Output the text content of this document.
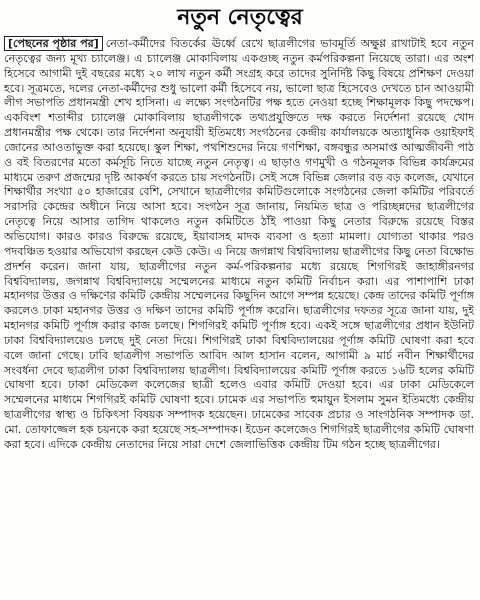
নতুন নেতৃত্বের

[পেছনের পৃষ্ঠার পর] নেতা-কর্মীদের বিতর্কের ঊর্ধ্বে রেখে ছাত্রলীগের ভাবমূর্তি অক্ষুণ্ণ রাখাটাই হবে নতুন নেতৃত্বের জন্য মূখ্য চ্যালেঞ্জ। এ চ্যালেঞ্জ মোকাবিলায় একগুচ্ছ নতুন কর্মপরিকল্পনা নিয়েছে তারা। এর অংশ হিসেবে আগামী দুই বছরের মধ্যে ২০ লাখ নতুন কর্মী সংগ্রহ করে তাদের সুনির্দিষ্ট কিছু বিষয়ে প্রশিক্ষণ দেওয়া হবে। সূত্রমতে, দলের নেতা-কর্মীদের শুধু ভালো কর্মী হিসেবে নয়, ভালো ছাত্র হিসেবেও দেখতে চান আওয়ামী লীগ সভাপতি প্রধানমন্ত্রী শেখ হাসিনা। এ লক্ষ্যে সংগঠনটির পক্ষ হতে নেওয়া হচ্ছে শিক্ষামূলক কিছু পদক্ষেপ। একবিংশ শতাব্দীর চ্যালেঞ্জ মোকাবিলায় ছাত্রলীগকে তথ্যপ্রযুক্তিতে দক্ষ করতে নির্দেশনা রয়েছে খোদ প্রধানমন্ত্রীর পক্ষ থেকে। তার নির্দেশনা অনুযায়ী ইতিমধ্যে সংগঠনের কেন্দ্রীয় কার্যালয়কে অত্যাধুনিক ওয়াইফাই জোনের আওতাভুক্ত করা হয়েছে। স্কুল শিক্ষা, পথশিশুদের নিয়ে গণশিক্ষা, বঙ্গবন্ধুর অসমাপ্ত আত্মজীবনী পাঠ ও বই বিতরণের মতো কর্মসূচি নিতে যাচ্ছে নতুন নেতৃত্ব। এ ছাড়াও গণমুখী ও গঠনমূলক বিভিন্ন কার্যক্রমের মাধ্যমে তরুণ প্রজন্মের দৃষ্টি আকর্ষণ করতে চায় সংগঠনটি। সেই সঙ্গে বিভিন্ন জেলার বড় বড় কলেজ, যেখানে শিক্ষার্থীর সংখ্যা ৫০ হাজারের বেশি, সেখানে ছাত্রলীগের কমিটিগুলোকে সংগঠনের জেলা কমিটির পরিবর্তে সরাসরি কেন্দ্রের অধীনে নিয়ে আসা হবে। সংগঠন সূত্র জানায়, নিয়মিত ছাত্র ও পরিচ্ছন্নদের ছাত্রলীগের নেতৃত্বে নিয়ে আসার তাগিদ থাকলেও নতুন কমিটিতে ঠাঁই পাওয়া কিছু নেতার বিরুদ্ধে রয়েছে বিস্তর অভিযোগ। কারও কারও বিরুদ্ধে রয়েছে, ইয়াবাসহ মাদক ব্যবসা ও হত্যা মামলা। যোগ্যতা থাকার পরও পদবঞ্চিত হওয়ার অভিযোগ করছেন কেউ কেউ। এ নিয়ে জগন্নাথ বিশ্ববিদ্যালয় ছাত্রলীগের কিছু নেতা বিক্ষোভ প্রদর্শন করেন। জানা যায়, ছাত্রলীগের নতুন কর্ম-পরিকল্পনার মধ্যে রয়েছে শিগগিরই জাহাঙ্গীরনগর বিশ্ববিদ্যালয়, জগন্নাথ বিশ্ববিদ্যালয়ে সম্মেলনের মাধ্যমে নতুন কমিটি নির্বাচন করা। এর পাশাপাশি ঢাকা মহানগর উত্তর ও দক্ষিণের কমিটি কেন্দ্রীয় সম্মেলনের কিছুদিন আগে সম্পন্ন হয়েছে। কেন্দ্র তাদের কমিটি পূর্ণাঙ্গ করলেও ঢাকা মহানগর উত্তর ও দক্ষিণ তাদের কমিটি পূর্ণাঙ্গ করেনি। ছাত্রলীগের দফতর সূত্রে জানা যায়, দুই মহানগর কমিটি পূর্ণাঙ্গ করার কাজ চলছে। শিগগিরই কমিটি পূর্ণাঙ্গ হবে। একই সঙ্গে ছাত্রলীগের প্রধান ইউনিট ঢাকা বিশ্ববিদ্যালয়েও চলছে দুই নেতা দিয়ে। শিগগিরই ঢাকা বিশ্ববিদ্যালয়ের পূর্ণাঙ্গ কমিটি ঘোষণা করা হবে বলে জানা গেছে। ঢাবি ছাত্রলীগ সভাপতি আবিদ আল হাসান বলেন, আগামী ৯ মার্চ নবীন শিক্ষার্থীদের সংবর্ধনা দেবে ছাত্রলীগ ঢাকা বিশ্ববিদ্যালয় ছাত্রলীগ। বিশ্ববিদ্যালয়ের কমিটি পূর্ণাঙ্গ করতে ১৬টি হলের কমিটি ঘোষণা হবে। ঢাকা মেডিকেল কলেজের ছাত্রী হলেও এবার কমিটি দেওয়া হবে। এর ঢাকা মেডিকেলে সম্মেলনের মাধ্যমে শিগগিরই কমিটি ঘোষণা হবে। ঢামেক এর সভাপতি হুমায়ুন ইসলাম সুমন ইতিমধ্যে কেন্দ্রীয় ছাত্রলীগের স্বাস্থ্য ও চিকিৎসা বিষয়ক সম্পাদক হয়েছেন। ঢামেকের সাবেক প্রচার ও সাংগঠনিক সম্পাদক ডা. মো. তোফাজ্জেল হক চয়নকে করা হয়েছে সহ-সম্পাদক। ইডেন কলেজেও শিগগিরই ছাত্রলীগের কমিটি ঘোষণা করা হবে। এদিকে কেন্দ্রীয় নেতাদের নিয়ে সারা দেশে জেলাভিত্তিক কেন্দ্রীয় টিম গঠন হচ্ছে ছাত্রলীগের।
